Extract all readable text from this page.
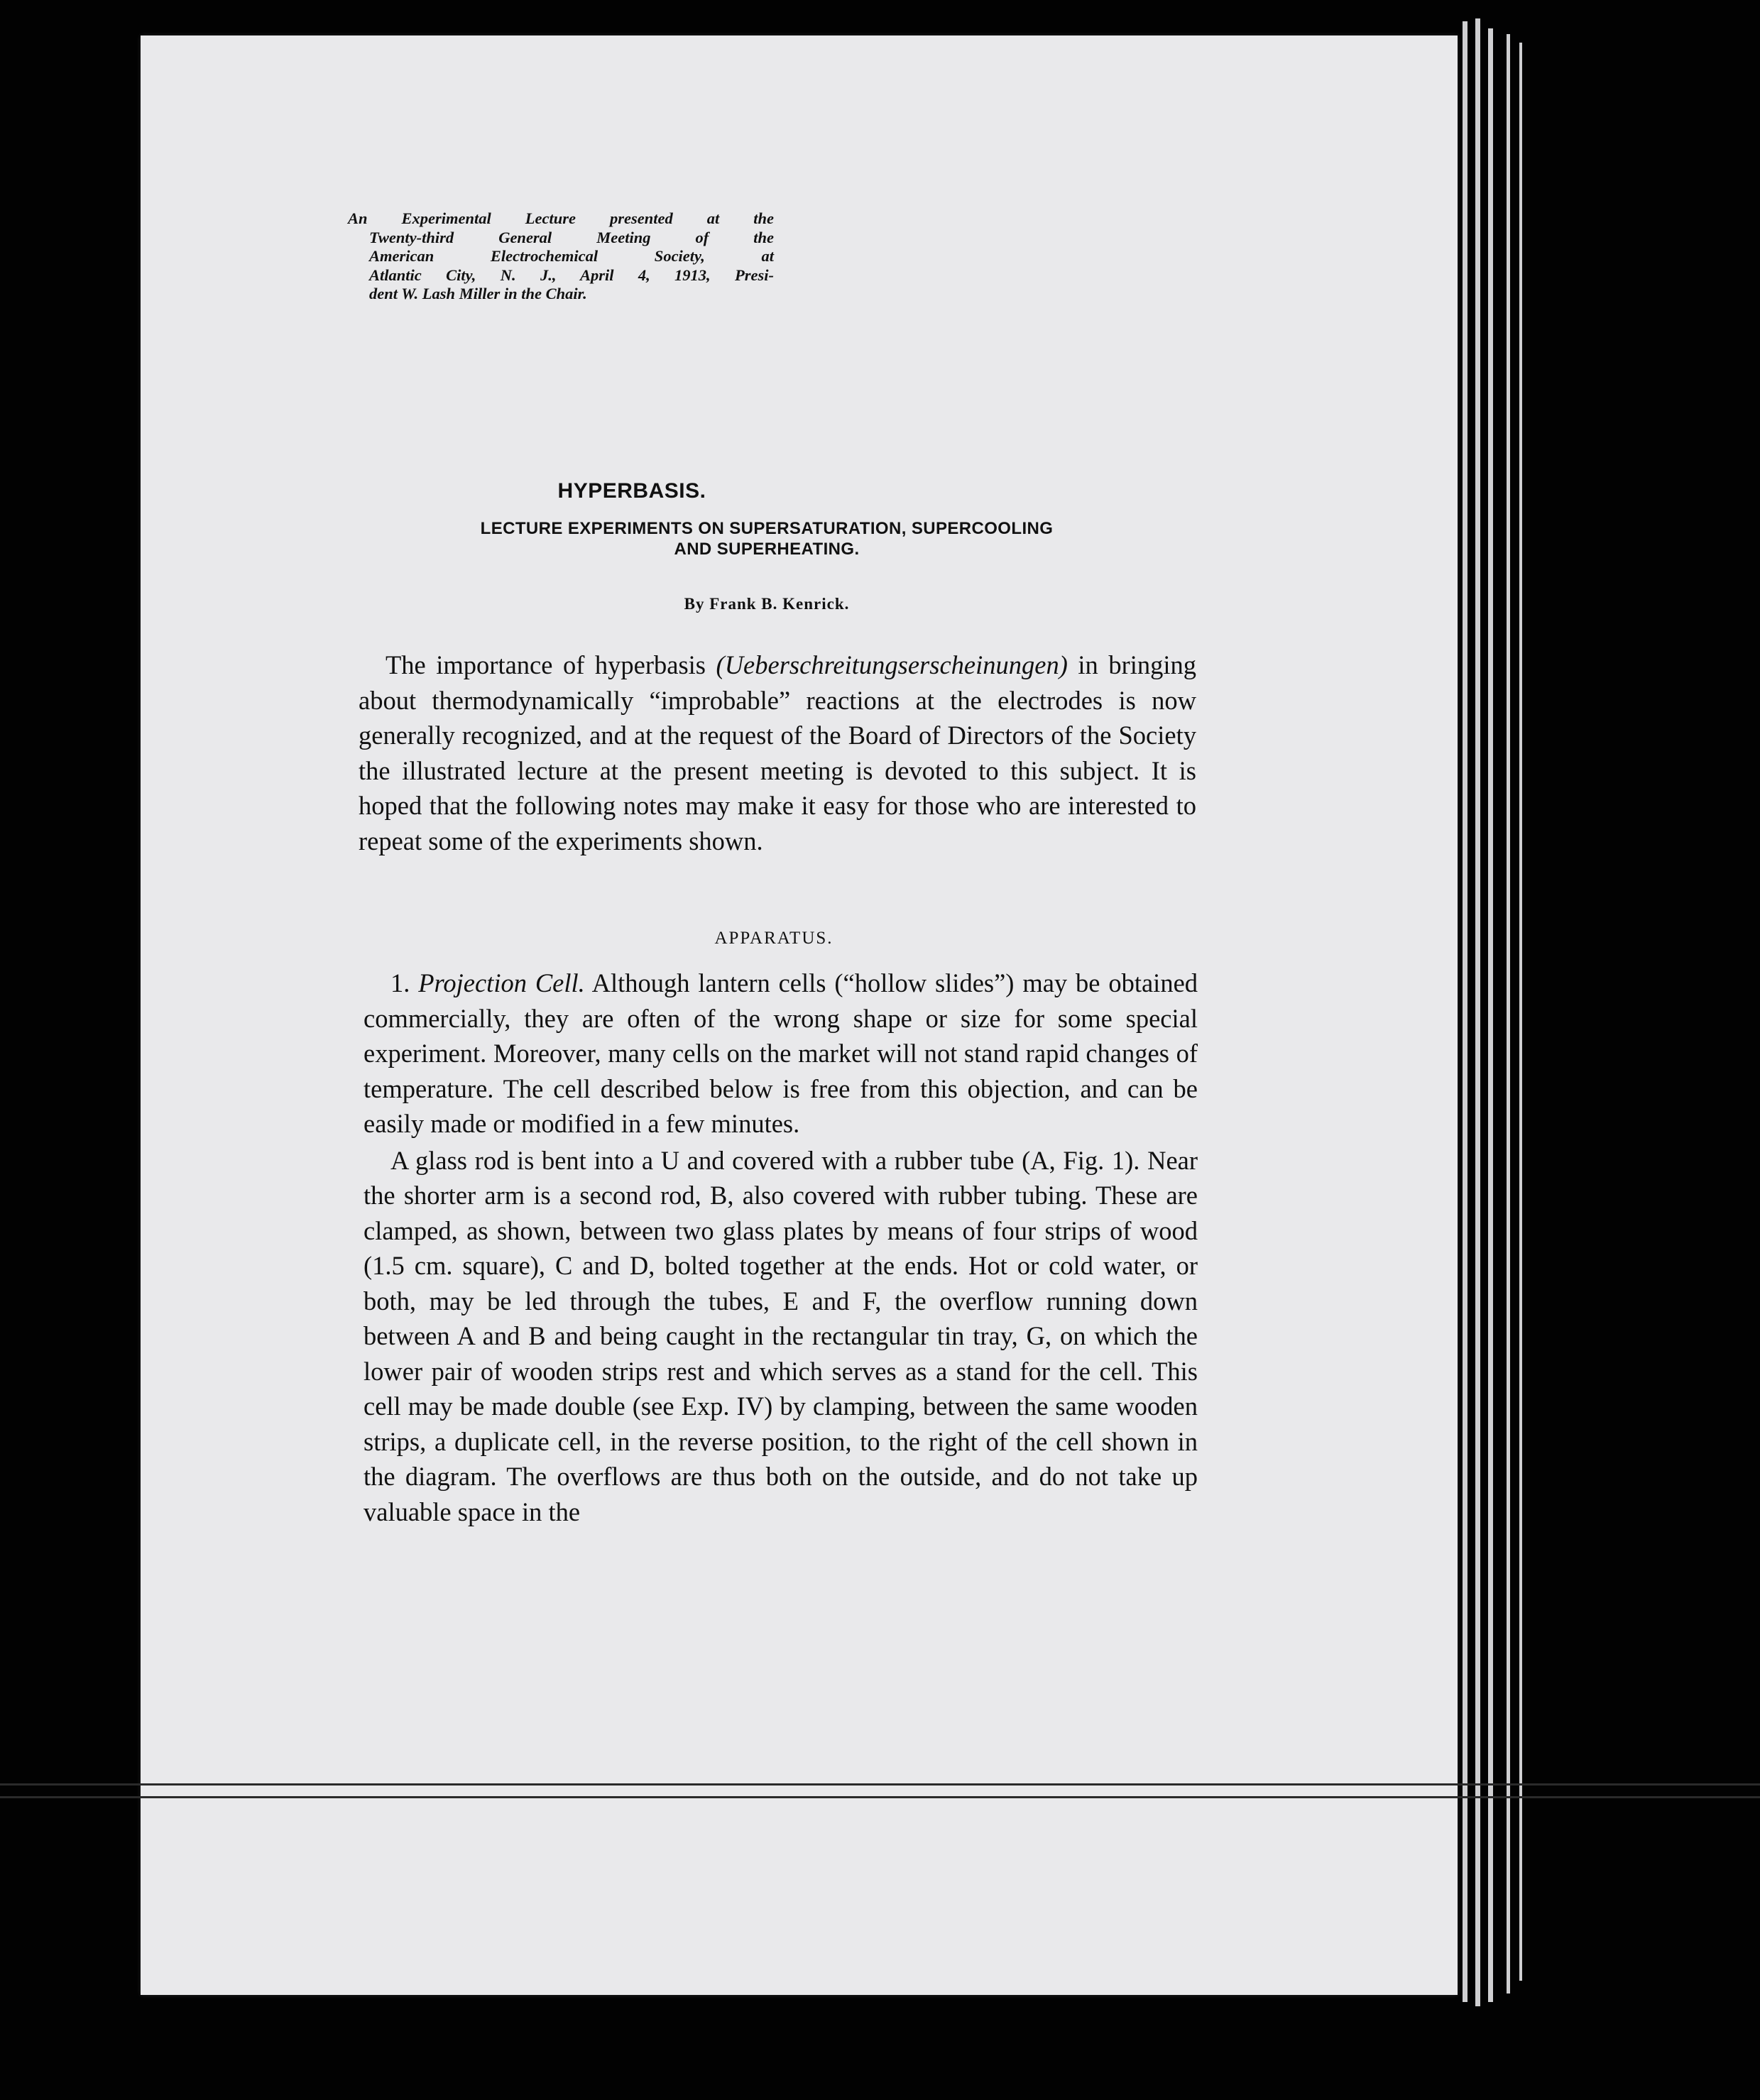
An Experimental Lecture presented at the
Twenty-third General Meeting of the
American Electrochemical Society, at
Atlantic City, N. J., April 4, 1913, Presi-
dent W. Lash Miller in the Chair.
HYPERBASIS.
LECTURE EXPERIMENTS ON SUPERSATURATION, SUPERCOOLING
AND SUPERHEATING.
By Frank B. Kenrick.

The importance of hyperbasis (Ueberschreitungserscheinungen) in bringing about thermodynamically “improbable” reactions at the electrodes is now generally recognized, and at the request of the Board of Directors of the Society the illustrated lecture at the present meeting is devoted to this subject. It is hoped that the following notes may make it easy for those who are interested to repeat some of the experiments shown.

APPARATUS.

1. Projection Cell. Although lantern cells (“hollow slides”) may be obtained commercially, they are often of the wrong shape or size for some special experiment. Moreover, many cells on the market will not stand rapid changes of temperature. The cell described below is free from this objection, and can be easily made or modified in a few minutes.

A glass rod is bent into a U and covered with a rubber tube (A, Fig. 1). Near the shorter arm is a second rod, B, also covered with rubber tubing. These are clamped, as shown, between two glass plates by means of four strips of wood (1.5 cm. square), C and D, bolted together at the ends. Hot or cold water, or both, may be led through the tubes, E and F, the overflow running down between A and B and being caught in the rectangular tin tray, G, on which the lower pair of wooden strips rest and which serves as a stand for the cell. This cell may be made double (see Exp. IV) by clamping, between the same wooden strips, a duplicate cell, in the reverse position, to the right of the cell shown in the diagram. The overflows are thus both on the outside, and do not take up valuable space in the
